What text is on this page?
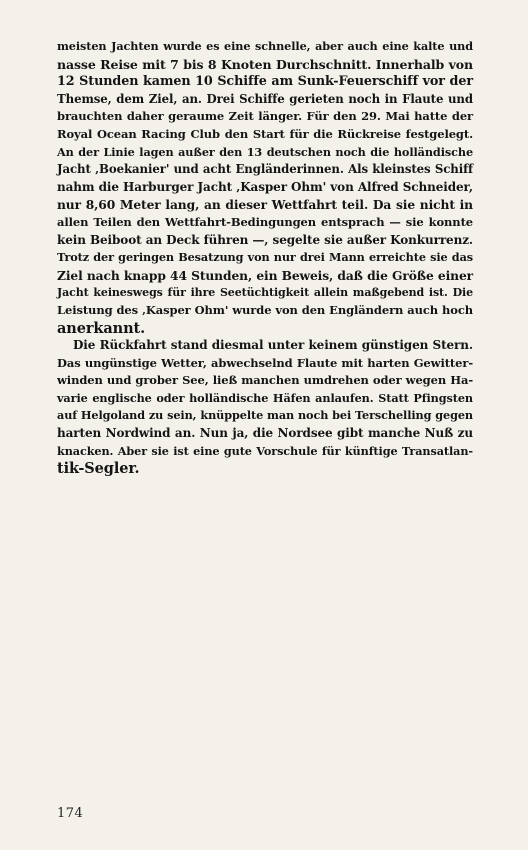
meisten Jachten wurde es eine schnelle, aber auch eine kalte und
nasse Reise mit 7 bis 8 Knoten Durchschnitt. Innerhalb von
12 Stunden kamen 10 Schiffe am Sunk-Feuerschiff vor der
Themse, dem Ziel, an. Drei Schiffe gerieten noch in Flaute und
brauchten daher geraume Zeit länger. Für den 29. Mai hatte der
Royal Ocean Racing Club den Start für die Rückreise festgelegt.
An der Linie lagen außer den 13 deutschen noch die holländische
Jacht ‚Boekanier' und acht Engländerinnen. Als kleinstes Schiff
nahm die Harburger Jacht ‚Kasper Ohm' von Alfred Schneider,
nur 8,60 Meter lang, an dieser Wettfahrt teil. Da sie nicht in
allen Teilen den Wettfahrt-Bedingungen entsprach — sie konnte
kein Beiboot an Deck führen —, segelte sie außer Konkurrenz.
Trotz der geringen Besatzung von nur drei Mann erreichte sie das
Ziel nach knapp 44 Stunden, ein Beweis, daß die Größe einer
Jacht keineswegs für ihre Seetüchtigkeit allein maßgebend ist. Die
Leistung des ‚Kasper Ohm' wurde von den Engländern auch hoch
anerkannt.

Die Rückfahrt stand diesmal unter keinem günstigen Stern.
Das ungünstige Wetter, abwechselnd Flaute mit harten Gewitter-
winden und grober See, ließ manchen umdrehen oder wegen Ha-
varie englische oder holländische Häfen anlaufen. Statt Pfingsten
auf Helgoland zu sein, knüppelte man noch bei Terschelling gegen
harten Nordwind an. Nun ja, die Nordsee gibt manche Nuß zu
knacken. Aber sie ist eine gute Vorschule für künftige Transatlan-
tik-Segler.

174
